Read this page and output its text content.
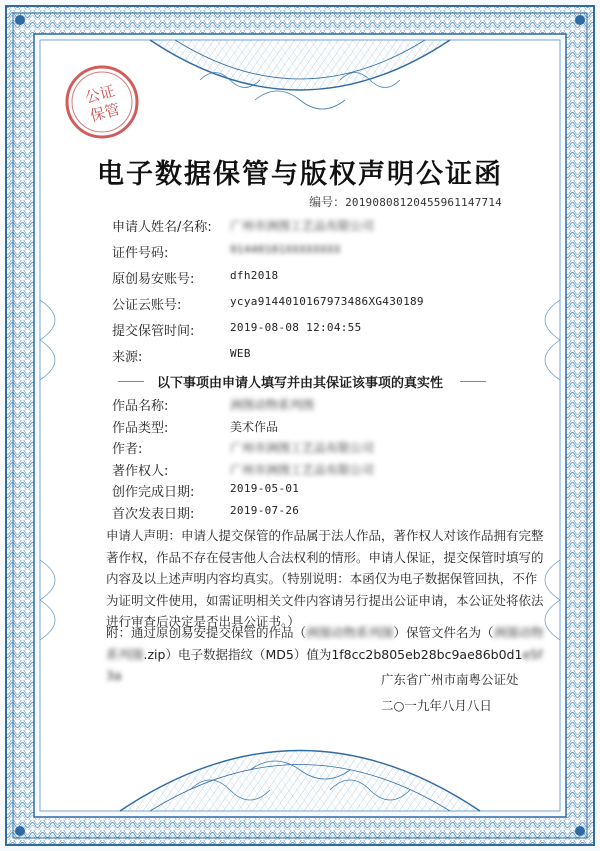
公证
保管
电子数据保管与版权声明公证函
编号：20190808120455961147714
申请人姓名/名称: 广州市洲图工艺品有限公司
证件号码:	91440101XXXXXXXX
原创易安账号:	dfh2018
公证云账号:	ycya9144010167973486XG430189
提交保管时间:	2019-08-08 12:04:55
来源:	WEB
以下事项由申请人填写并由其保证该事项的真实性
作品名称:	洲图动物系列图
作品类型:	美术作品
作者:	广州市洲图工艺品有限公司
著作权人:	广州市洲图工艺品有限公司
创作完成日期:	2019-05-01
首次发表日期:	2019-07-26
申请人声明：申请人提交保管的作品属于法人作品，著作权人对该作品拥有完整著作权，作品不存在侵害他人合法权利的情形。申请人保证，提交保管时填写的内容及以上述声明内容均真实。（特别说明：本函仅为电子数据保管回执，不作为证明文件使用，如需证明相关文件内容请另行提出公证申请，本公证处将依法进行审查后决定是否出具公证书。）
附：通过原创易安提交保管的作品（洲图动物系列图）保管文件名为（洲图动物系列图.zip）电子数据指纹（MD5）值为1f8cc2b805eb28bc9ae86b0d1e5f3a	广东省广州市南粤公证处
二○一九年八月八日
